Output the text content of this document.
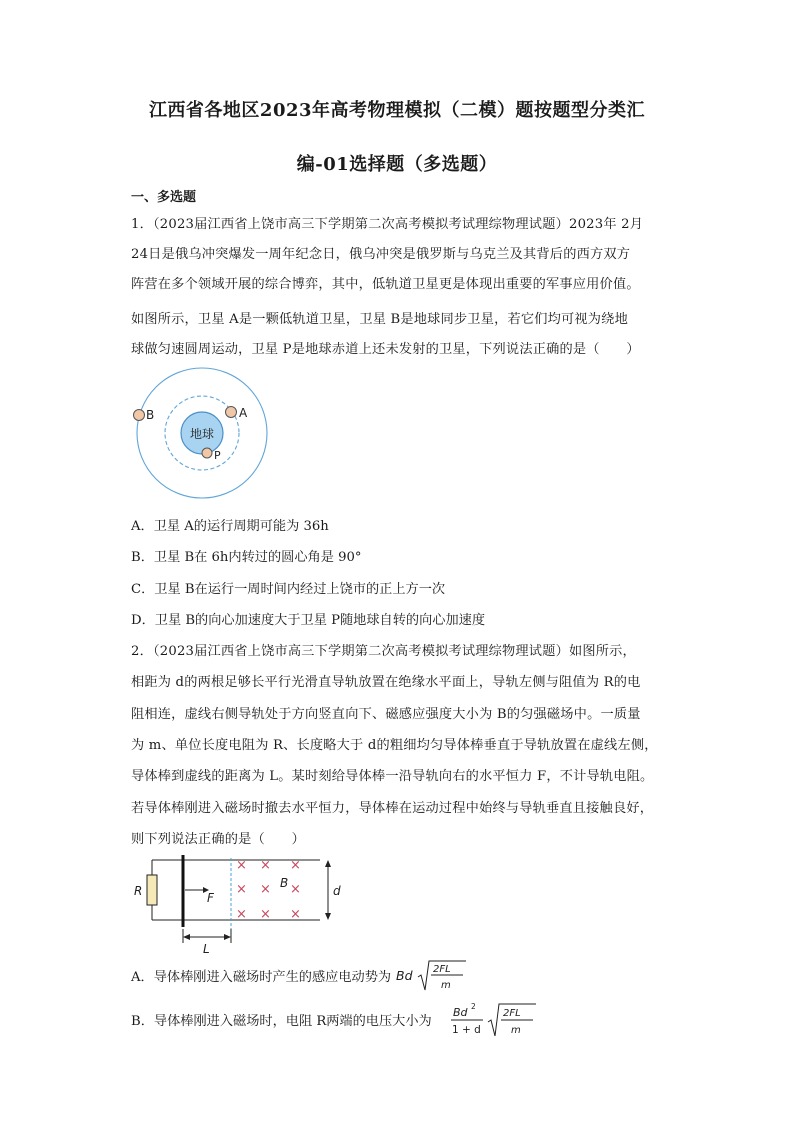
江西省各地区2023年高考物理模拟（二模）题按题型分类汇
编-01选择题（多选题）
一、多选题
1．（2023届江西省上饶市高三下学期第二次高考模拟考试理综物理试题）2023年 2月
24日是俄乌冲突爆发一周年纪念日，俄乌冲突是俄罗斯与乌克兰及其背后的西方双方
阵营在多个领域开展的综合博弈，其中，低轨道卫星更是体现出重要的军事应用价值。
如图所示，卫星 A是一颗低轨道卫星，卫星 B是地球同步卫星，若它们均可视为绕地
球做匀速圆周运动，卫星 P是地球赤道上还未发射的卫星，下列说法正确的是（　　）
地球
B	A
P
A．卫星 A的运行周期可能为 36h
B．卫星 B在 6h内转过的圆心角是 90°
C．卫星 B在运行一周时间内经过上饶市的正上方一次
D．卫星 B的向心加速度大于卫星 P随地球自转的向心加速度
2．（2023届江西省上饶市高三下学期第二次高考模拟考试理综物理试题）如图所示，
相距为 d的两根足够长平行光滑直导轨放置在绝缘水平面上，导轨左侧与阻值为 R的电
阻相连，虚线右侧导轨处于方向竖直向下、磁感应强度大小为 B的匀强磁场中。一质量
为 m、单位长度电阻为 R、长度略大于 d的粗细均匀导体棒垂直于导轨放置在虚线左侧，
导体棒到虚线的距离为 L。某时刻给导体棒一沿导轨向右的水平恒力 F，不计导轨电阻。
若导体棒刚进入磁场时撤去水平恒力，导体棒在运动过程中始终与导轨垂直且接触良好，
则下列说法正确的是（　　）
R	F
× × ×
× × ×
× × ×
B
d
L
A．导体棒刚进入磁场时产生的感应电动势为 Bd 2FL
m
B．导体棒刚进入磁场时，电阻 R两端的电压大小为
Bd 2
1 + d
2FL
m
